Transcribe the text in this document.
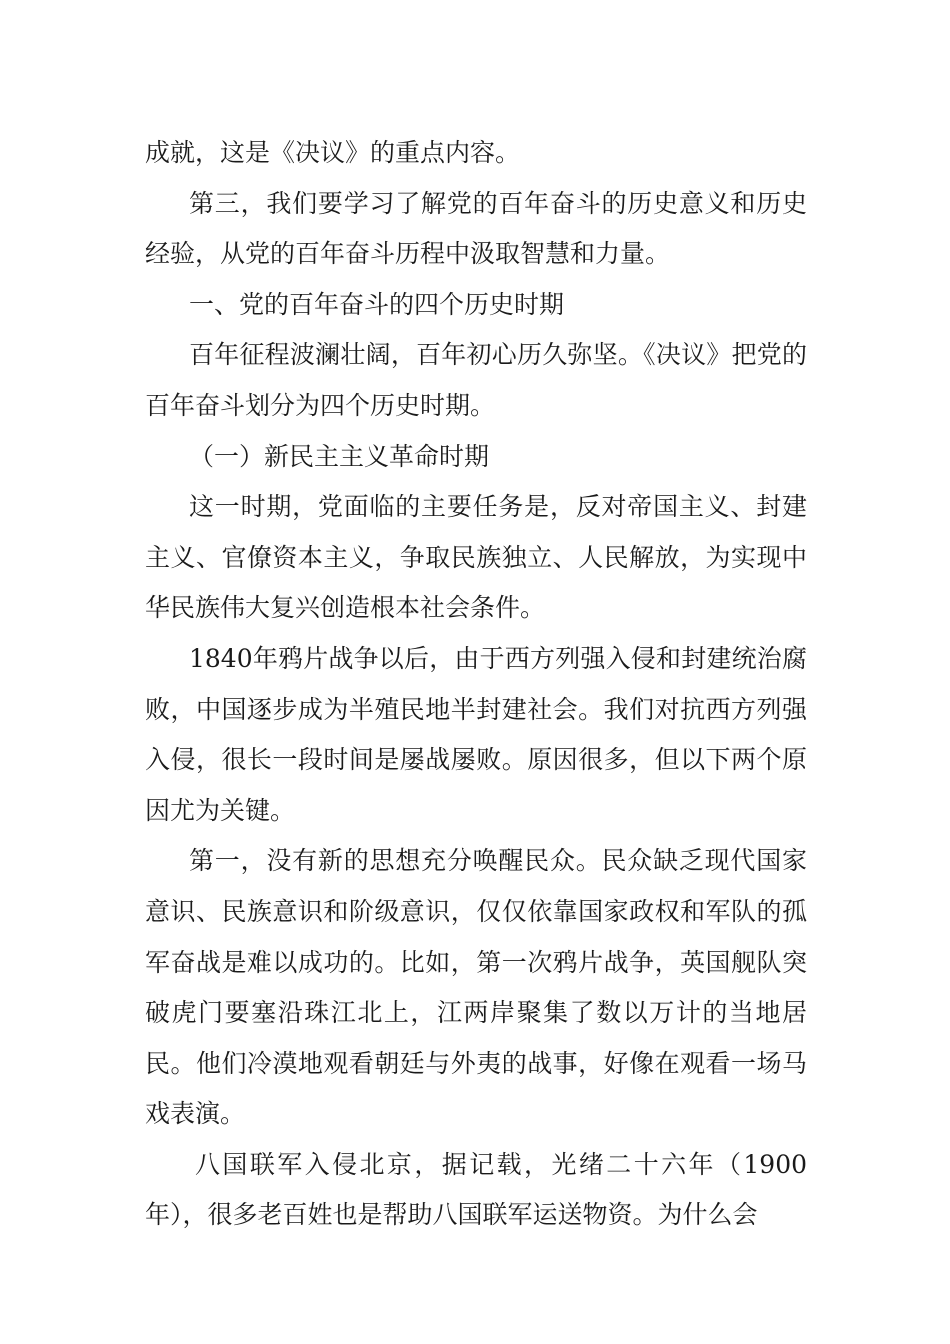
成就，这是《决议》的重点内容。

第三，我们要学习了解党的百年奋斗的历史意义和历史经验，从党的百年奋斗历程中汲取智慧和力量。

一、党的百年奋斗的四个历史时期

百年征程波澜壮阔，百年初心历久弥坚。《决议》把党的百年奋斗划分为四个历史时期。

（一）新民主主义革命时期

这一时期，党面临的主要任务是，反对帝国主义、封建主义、官僚资本主义，争取民族独立、人民解放，为实现中华民族伟大复兴创造根本社会条件。

1840年鸦片战争以后，由于西方列强入侵和封建统治腐败，中国逐步成为半殖民地半封建社会。我们对抗西方列强入侵，很长一段时间是屡战屡败。原因很多，但以下两个原因尤为关键。

第一，没有新的思想充分唤醒民众。民众缺乏现代国家意识、民族意识和阶级意识，仅仅依靠国家政权和军队的孤军奋战是难以成功的。比如，第一次鸦片战争，英国舰队突破虎门要塞沿珠江北上，江两岸聚集了数以万计的当地居民。他们冷漠地观看朝廷与外夷的战事，好像在观看一场马戏表演。

八国联军入侵北京，据记载，光绪二十六年（1900年），很多老百姓也是帮助八国联军运送物资。为什么会
